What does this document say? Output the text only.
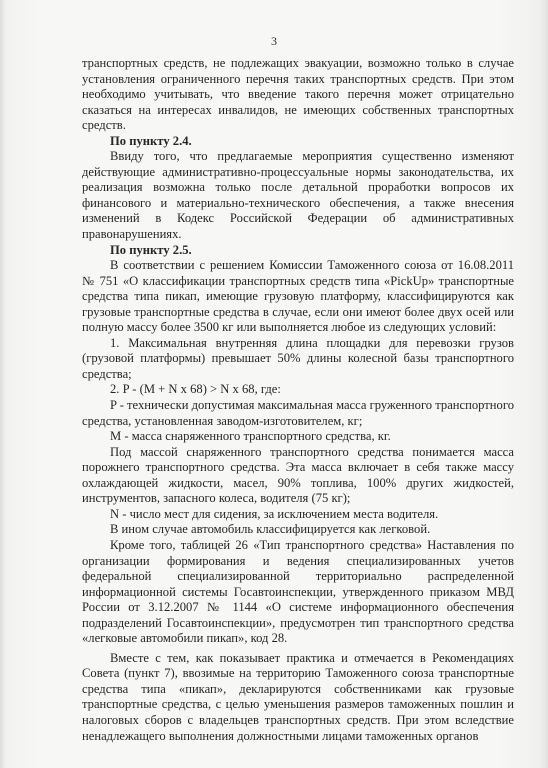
3

транспортных средств, не подлежащих эвакуации, возможно только в случае установления ограниченного перечня таких транспортных средств. При этом необходимо учитывать, что введение такого перечня может отрицательно сказаться на интересах инвалидов, не имеющих собственных транспортных средств.

По пункту 2.4.

Ввиду того, что предлагаемые мероприятия существенно изменяют действующие административно-процессуальные нормы законодательства, их реализация возможна только после детальной проработки вопросов их финансового и материально-технического обеспечения, а также внесения изменений в Кодекс Российской Федерации об административных правонарушениях.

По пункту 2.5.

В соответствии с решением Комиссии Таможенного союза от 16.08.2011 № 751 «О классификации транспортных средств типа «PickUp» транспортные средства типа пикап, имеющие грузовую платформу, классифицируются как грузовые транспортные средства в случае, если они имеют более двух осей или полную массу более 3500 кг или выполняется любое из следующих условий:

1. Максимальная внутренняя длина площадки для перевозки грузов (грузовой платформы) превышает 50% длины колесной базы транспортного средства;

2. P - (M + N x 68) > N x 68, где:

P - технически допустимая максимальная масса груженного транспортного средства, установленная заводом-изготовителем, кг;

M - масса снаряженного транспортного средства, кг.

Под массой снаряженного транспортного средства понимается масса порожнего транспортного средства. Эта масса включает в себя также массу охлаждающей жидкости, масел, 90% топлива, 100% других жидкостей, инструментов, запасного колеса, водителя (75 кг);

N - число мест для сидения, за исключением места водителя.

В ином случае автомобиль классифицируется как легковой.

Кроме того, таблицей 26 «Тип транспортного средства» Наставления по организации формирования и ведения специализированных учетов федеральной специализированной территориально распределенной информационной системы Госавтоинспекции, утвержденного приказом МВД России от 3.12.2007 № 1144 «О системе информационного обеспечения подразделений Госавтоинспекции», предусмотрен тип транспортного средства «легковые автомобили пикап», код 28.

Вместе с тем, как показывает практика и отмечается в Рекомендациях Совета (пункт 7), ввозимые на территорию Таможенного союза транспортные средства типа «пикап», декларируются собственниками как грузовые транспортные средства, с целью уменьшения размеров таможенных пошлин и налоговых сборов с владельцев транспортных средств. При этом вследствие ненадлежащего выполнения должностными лицами таможенных органов
